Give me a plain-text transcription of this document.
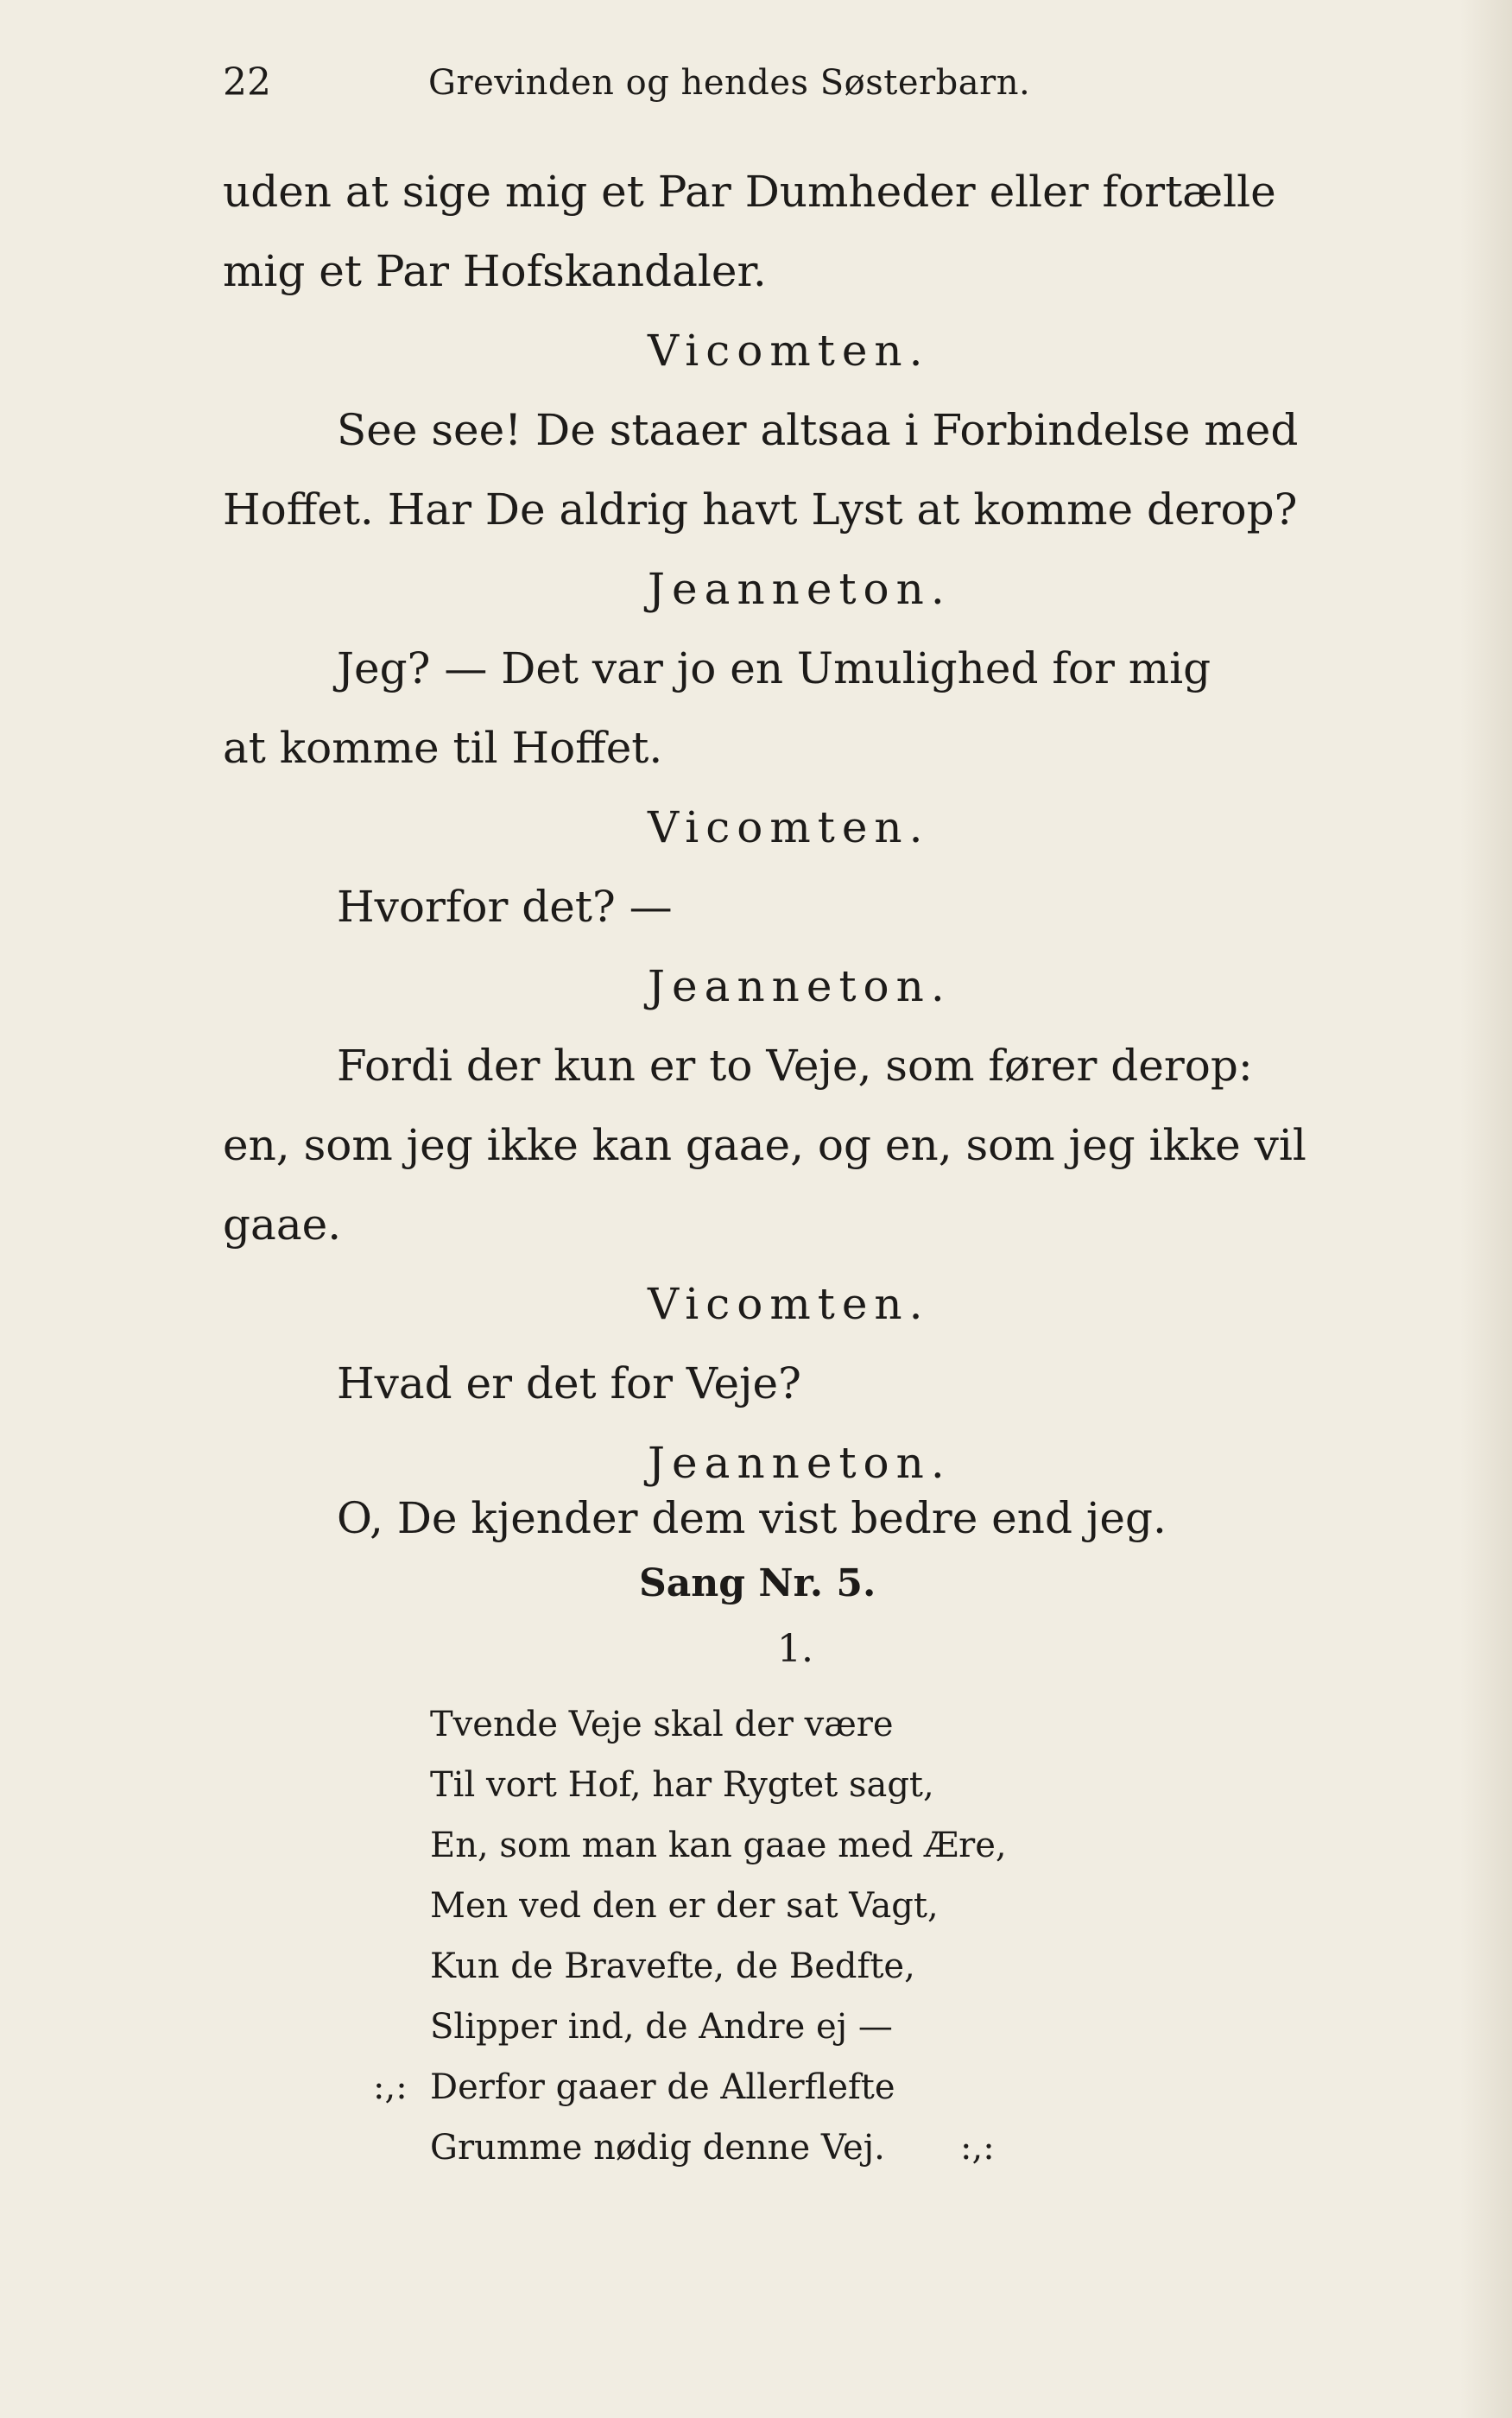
22	Grevinden og hendes Søsterbarn.
uden at sige mig et Par Dumheder eller fortælle
mig et Par Hofskandaler.
Vicomten.
See see! De staaer altsaa i Forbindelse med
Hoffet. Har De aldrig havt Lyst at komme derop?
Jeanneton.
Jeg? — Det var jo en Umulighed for mig
at komme til Hoffet.
Vicomten.
Hvorfor det? —
Jeanneton.
Fordi der kun er to Veje, som fører derop:
en, som jeg ikke kan gaae, og en, som jeg ikke vil
gaae.
Vicomten.
Hvad er det for Veje?
Jeanneton.
O, De kjender dem vist bedre end jeg.
Sang Nr. 5.
1.
Tvende Veje skal der være
Til vort Hof, har Rygtet sagt,
En, som man kan gaae med Ære,
Men ved den er der sat Vagt,
Kun de Bravefte, de Bedfte,
Slipper ind, de Andre ej —
:,: Derfor gaaer de Allerflefte
Grumme nødig denne Vej. :,:
